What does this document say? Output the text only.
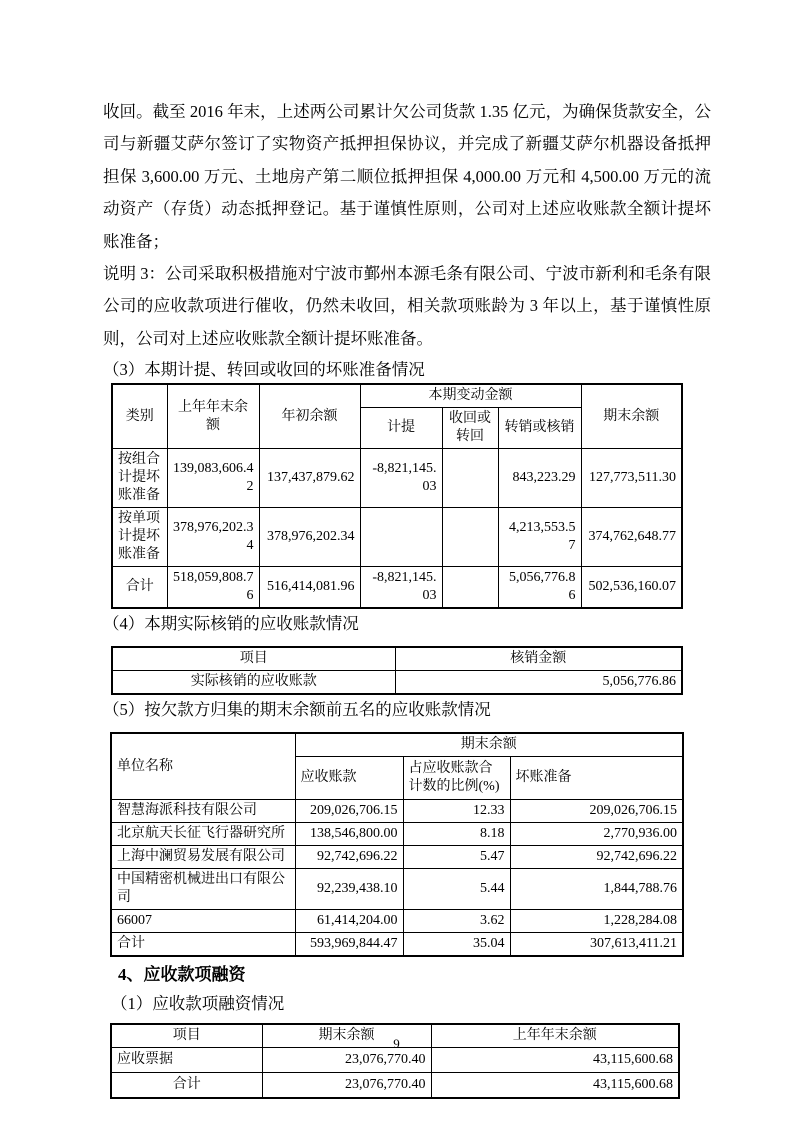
收回。截至 2016 年末，上述两公司累计欠公司货款 1.35 亿元，为确保货款安全，公司与新疆艾萨尔签订了实物资产抵押担保协议，并完成了新疆艾萨尔机器设备抵押担保 3,600.00 万元、土地房产第二顺位抵押担保 4,000.00 万元和 4,500.00 万元的流动资产（存货）动态抵押登记。基于谨慎性原则，公司对上述应收账款全额计提坏账准备；

说明 3：公司采取积极措施对宁波市鄞州本源毛条有限公司、宁波市新利和毛条有限公司的应收款项进行催收，仍然未收回，相关款项账龄为 3 年以上，基于谨慎性原则，公司对上述应收账款全额计提坏账准备。

（3）本期计提、转回或收回的坏账准备情况

类别	上年年末余额	年初余额	本期变动金额			期末余额
			计提	收回或转回	转销或核销	
按组合计提坏账准备	139,083,606.42	137,437,879.62	-8,821,145.03		843,223.29	127,773,511.30
按单项计提坏账准备	378,976,202.34	378,976,202.34			4,213,553.57	374,762,648.77
合计	518,059,808.76	516,414,081.96	-8,821,145.03		5,056,776.86	502,536,160.07

（4）本期实际核销的应收账款情况

项目	核销金额
实际核销的应收账款	5,056,776.86

（5）按欠款方归集的期末余额前五名的应收账款情况

单位名称	期末余额		
	应收账款	占应收账款合计数的比例(%)	坏账准备
智慧海派科技有限公司	209,026,706.15	12.33	209,026,706.15
北京航天长征飞行器研究所	138,546,800.00	8.18	2,770,936.00
上海中澜贸易发展有限公司	92,742,696.22	5.47	92,742,696.22
中国精密机械进出口有限公司	92,239,438.10	5.44	1,844,788.76
66007	61,414,204.00	3.62	1,228,284.08
合计	593,969,844.47	35.04	307,613,411.21

4、应收款项融资

（1）应收款项融资情况

项目	期末余额	上年年末余额
应收票据	23,076,770.40	43,115,600.68
合计	23,076,770.40	43,115,600.68
9
